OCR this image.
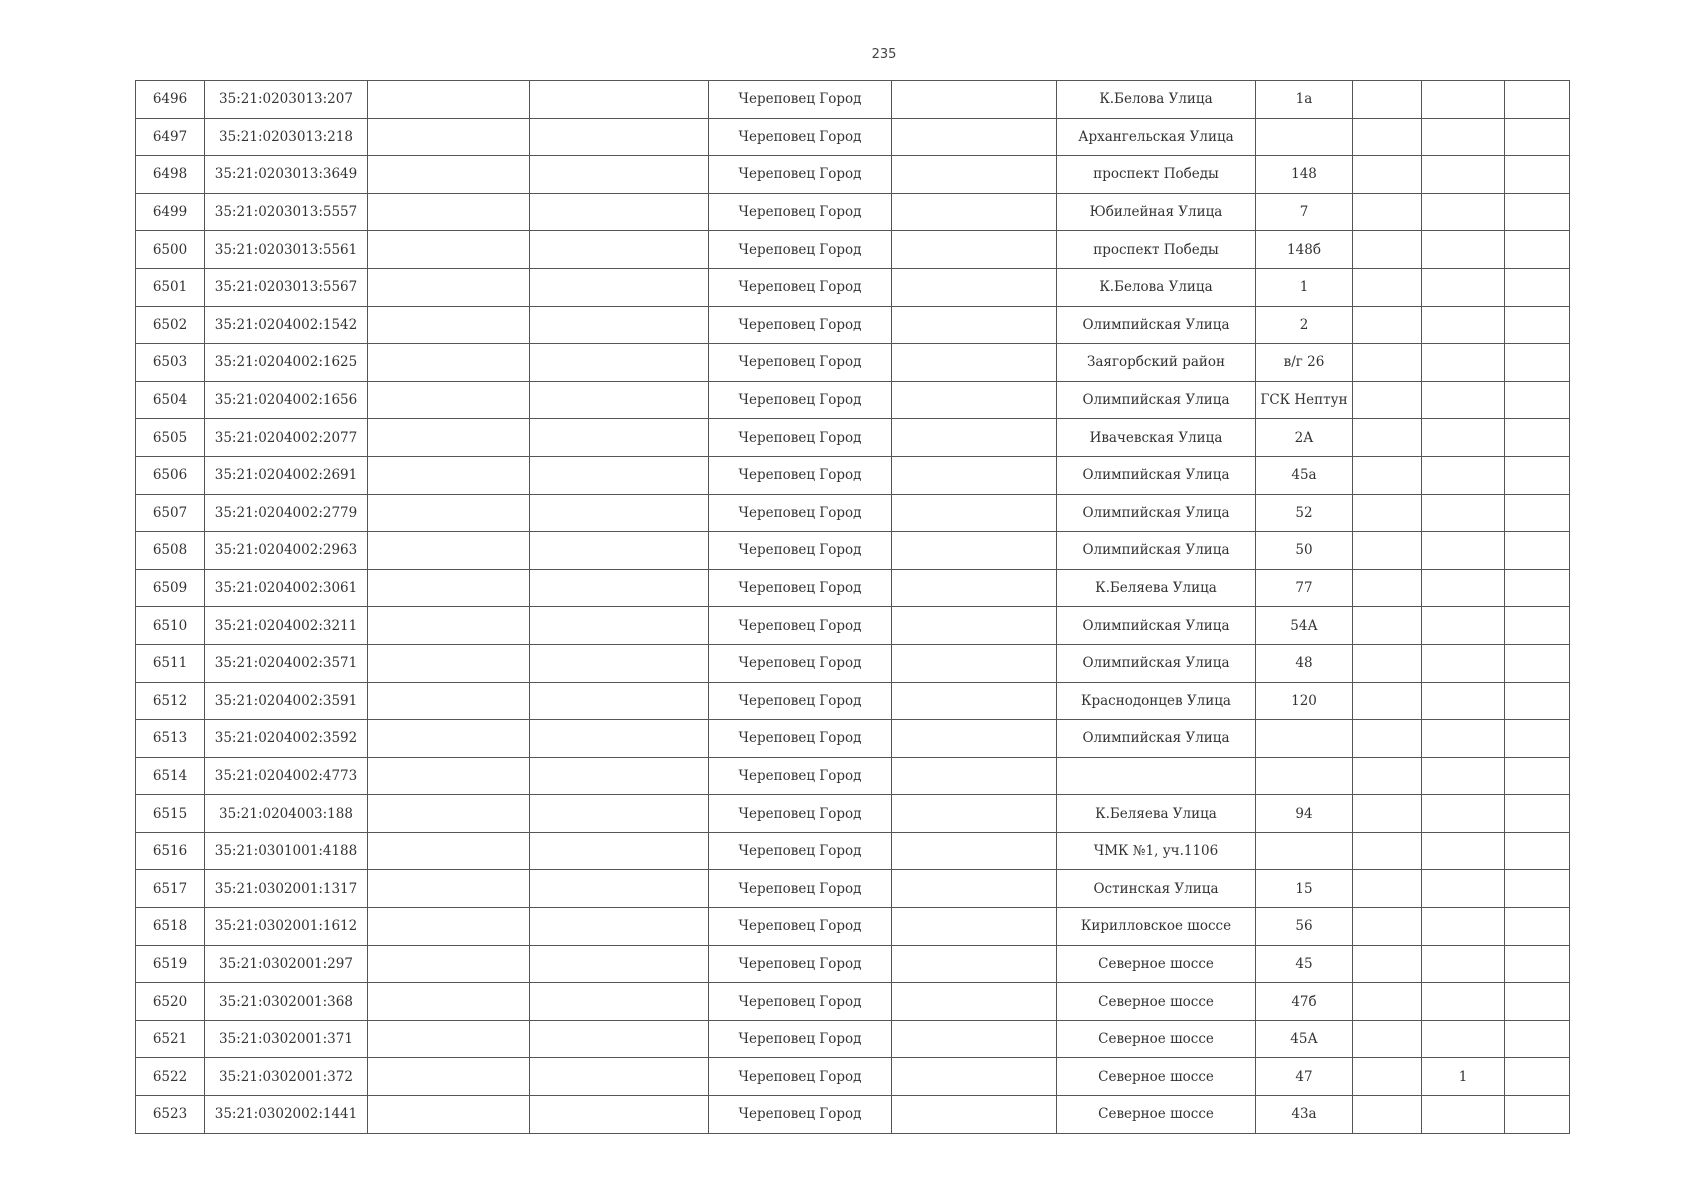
235
6496	35:21:0203013:207			Череповец Город		К.Белова Улица	1а			
6497	35:21:0203013:218			Череповец Город		Архангельская Улица				
6498	35:21:0203013:3649			Череповец Город		проспект Победы	148			
6499	35:21:0203013:5557			Череповец Город		Юбилейная Улица	7			
6500	35:21:0203013:5561			Череповец Город		проспект Победы	148б			
6501	35:21:0203013:5567			Череповец Город		К.Белова Улица	1			
6502	35:21:0204002:1542			Череповец Город		Олимпийская Улица	2			
6503	35:21:0204002:1625			Череповец Город		Заягорбский район	в/г 26			
6504	35:21:0204002:1656			Череповец Город		Олимпийская Улица	ГСК Нептун			
6505	35:21:0204002:2077			Череповец Город		Ивачевская Улица	2А			
6506	35:21:0204002:2691			Череповец Город		Олимпийская Улица	45а			
6507	35:21:0204002:2779			Череповец Город		Олимпийская Улица	52			
6508	35:21:0204002:2963			Череповец Город		Олимпийская Улица	50			
6509	35:21:0204002:3061			Череповец Город		К.Беляева Улица	77			
6510	35:21:0204002:3211			Череповец Город		Олимпийская Улица	54А			
6511	35:21:0204002:3571			Череповец Город		Олимпийская Улица	48			
6512	35:21:0204002:3591			Череповец Город		Краснодонцев Улица	120			
6513	35:21:0204002:3592			Череповец Город		Олимпийская Улица				
6514	35:21:0204002:4773			Череповец Город						
6515	35:21:0204003:188			Череповец Город		К.Беляева Улица	94			
6516	35:21:0301001:4188			Череповец Город		ЧМК №1, уч.1106				
6517	35:21:0302001:1317			Череповец Город		Остинская Улица	15			
6518	35:21:0302001:1612			Череповец Город		Кирилловское шоссе	56			
6519	35:21:0302001:297			Череповец Город		Северное шоссе	45			
6520	35:21:0302001:368			Череповец Город		Северное шоссе	47б			
6521	35:21:0302001:371			Череповец Город		Северное шоссе	45А			
6522	35:21:0302001:372			Череповец Город		Северное шоссе	47		1	
6523	35:21:0302002:1441			Череповец Город		Северное шоссе	43а			
